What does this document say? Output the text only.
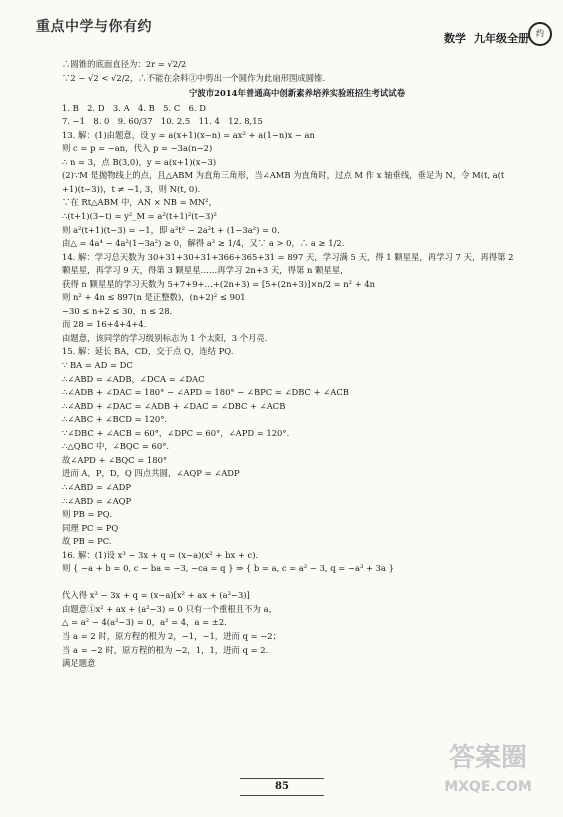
重点中学与你有约
数学 九年级全册 约
∴圆锥的底面直径为：2r = √2/2
∵2 − √2 < √2/2，∴不能在余料③中剪出一个圆作为此扇形围成圆锥.
宁波市2014年普通高中创新素养培养实验班招生考试试卷
1. B　2. D　3. A　4. B　5. C　6. D
7. −1　8. 0　9. 60/37　10. 2.5　11. 4　12. 8,15
13. 解：(1)由题意，设 y = a(x+1)(x−n) = ax² + a(1−n)x − an
则 c = p = −an，代入 p = −3a(n−2)
∴ n = 3，点 B(3,0)，y = a(x+1)(x−3)
(2)∵M 是抛物线上的点，且△ABM 为直角三角形，当∠AMB 为直角时，过点 M 作 x 轴垂线，垂足为 N，令 M(t, a(t
+1)(t−3))，t ≠ −1, 3，则 N(t, 0).
∵在 Rt△ABM 中，AN × NB = MN²，
∴(t+1)(3−t) = y²_M = a²(t+1)²(t−3)²
则 a²(t+1)(t−3) = −1，即 a²t² − 2a²t + (1−3a²) = 0.
由△ = 4a⁴ − 4a²(1−3a²) ≥ 0，解得 a² ≥ 1/4，又∵ a > 0，∴ a ≥ 1/2.
14. 解：学习总天数为 30+31+30+31+366+365+31 = 897 天，学习满 5 天，得 1 颗星星，再学习 7 天，再得第 2
颗星星，再学习 9 天，得第 3 颗星星……再学习 2n+3 天，得第 n 颗星星，
获得 n 颗星星的学习天数为 5+7+9+…+(2n+3) = [5+(2n+3)]×n/2 = n² + 4n
则 n² + 4n ≤ 897(n 是正整数)，(n+2)² ≤ 901
−30 ≤ n+2 ≤ 30，n ≤ 28.
而 28 = 16+4+4+4.
由题意，该同学的学习级别标志为 1 个太阳，3 个月亮.
15. 解：延长 BA，CD，交于点 Q，连结 PQ.
∵ BA = AD = DC
∴∠ABD = ∠ADB，∠DCA = ∠DAC
∴∠ADB + ∠DAC = 180° − ∠APD = 180° − ∠BPC = ∠DBC + ∠ACB
∴∠ABD + ∠DAC = ∠ADB + ∠DAC = ∠DBC + ∠ACB
∴∠ABC + ∠BCD = 120°.
∵∠DBC + ∠ACB = 60°，∠DPC = 60°，∠APD = 120°.
∴△QBC 中，∠BQC = 60°.
故∠APD + ∠BQC = 180°
进而 A，P，D，Q 四点共圆，∠AQP = ∠ADP
∴∠ABD = ∠ADP
∴∠ABD = ∠AQP
则 PB = PQ.
同理 PC = PQ
故 PB = PC.
16. 解：(1)设 x³ − 3x + q = (x−a)(x² + bx + c).
则 { −a + b = 0, c − ba = −3, −ca = q } ⇒ { b = a, c = a² − 3, q = −a³ + 3a }
代入得 x³ − 3x + q = (x−a)[x² + ax + (a²−3)]
由题意①x² + ax + (a²−3) = 0 只有一个重根且不为 a，
△ = a² − 4(a²−3) = 0，a² = 4，a = ±2.
当 a = 2 时，原方程的根为 2，−1，−1，进而 q = −2；
当 a = −2 时，原方程的根为 −2，1，1，进而 q = 2.
满足题意
85
答案圈
MXQE.COM
